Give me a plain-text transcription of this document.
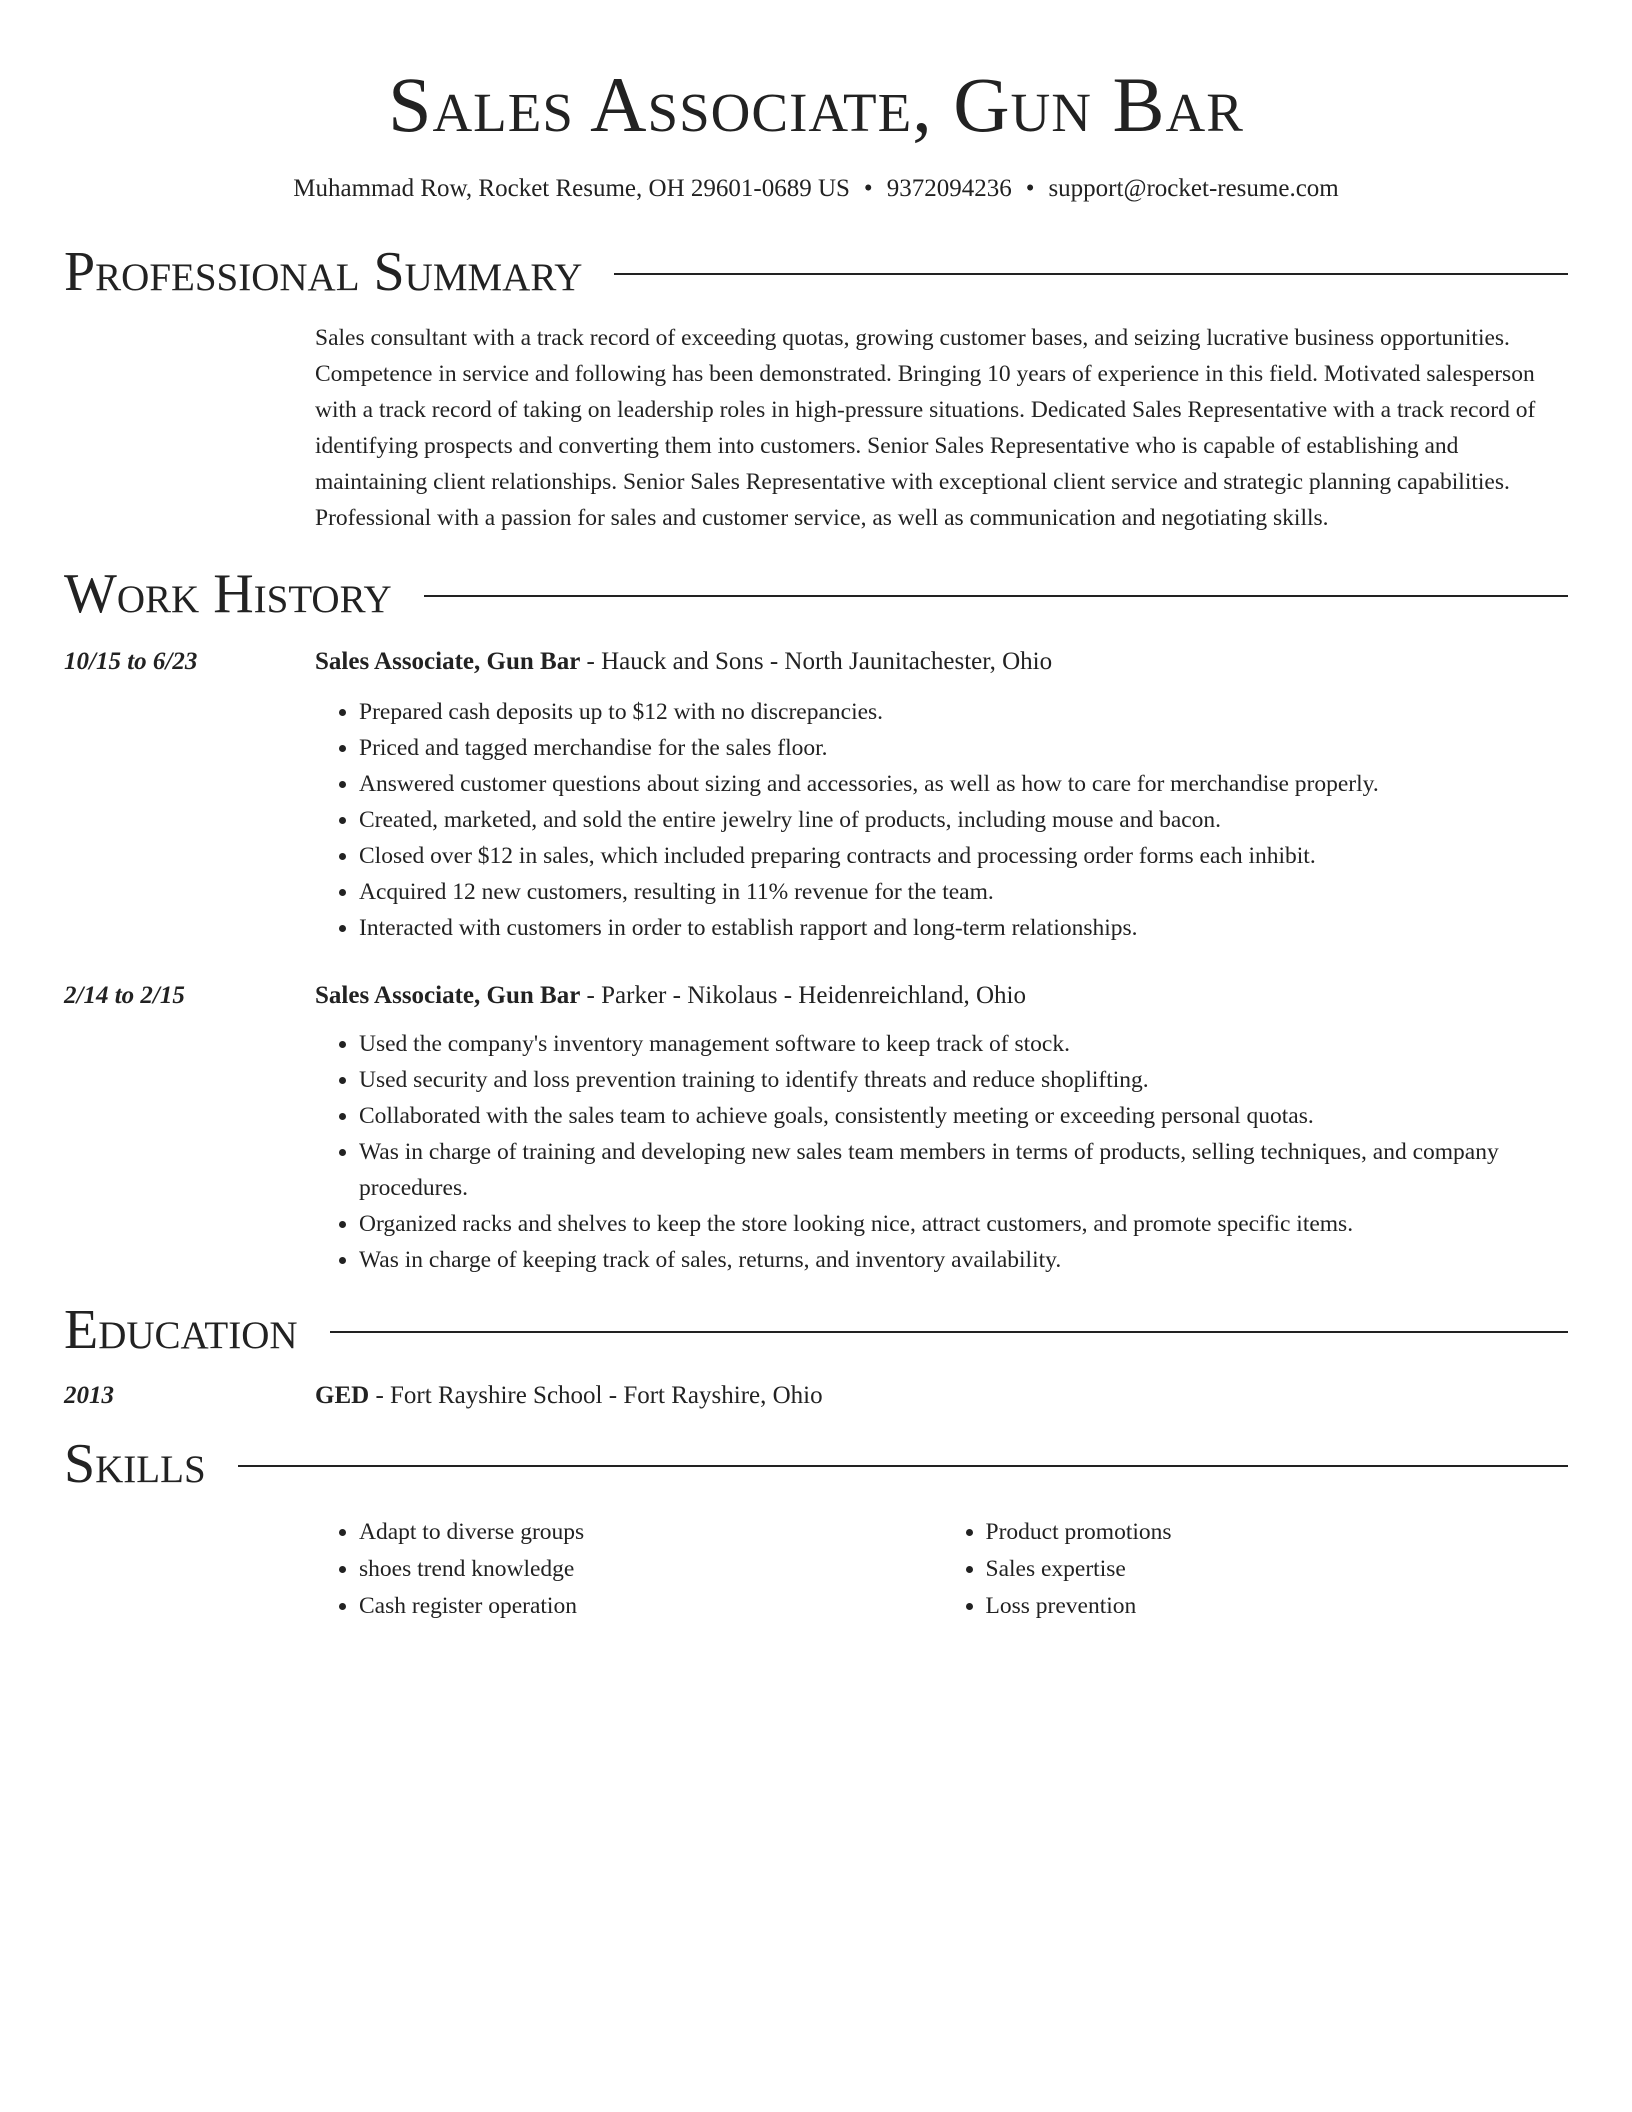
Sales Associate, Gun Bar
Muhammad Row, Rocket Resume, OH 29601-0689 US • 9372094236 • support@rocket-resume.com
Professional Summary
Sales consultant with a track record of exceeding quotas, growing customer bases, and seizing lucrative business opportunities. Competence in service and following has been demonstrated. Bringing 10 years of experience in this field. Motivated salesperson with a track record of taking on leadership roles in high-pressure situations. Dedicated Sales Representative with a track record of identifying prospects and converting them into customers. Senior Sales Representative who is capable of establishing and maintaining client relationships. Senior Sales Representative with exceptional client service and strategic planning capabilities. Professional with a passion for sales and customer service, as well as communication and negotiating skills.
Work History
10/15 to 6/23	Sales Associate, Gun Bar - Hauck and Sons - North Jaunitachester, Ohio
• Prepared cash deposits up to $12 with no discrepancies.
• Priced and tagged merchandise for the sales floor.
• Answered customer questions about sizing and accessories, as well as how to care for merchandise properly.
• Created, marketed, and sold the entire jewelry line of products, including mouse and bacon.
• Closed over $12 in sales, which included preparing contracts and processing order forms each inhibit.
• Acquired 12 new customers, resulting in 11% revenue for the team.
• Interacted with customers in order to establish rapport and long-term relationships.
2/14 to 2/15	Sales Associate, Gun Bar - Parker - Nikolaus - Heidenreichland, Ohio
• Used the company's inventory management software to keep track of stock.
• Used security and loss prevention training to identify threats and reduce shoplifting.
• Collaborated with the sales team to achieve goals, consistently meeting or exceeding personal quotas.
• Was in charge of training and developing new sales team members in terms of products, selling techniques, and company procedures.
• Organized racks and shelves to keep the store looking nice, attract customers, and promote specific items.
• Was in charge of keeping track of sales, returns, and inventory availability.
Education
2013	GED - Fort Rayshire School - Fort Rayshire, Ohio
Skills
• Adapt to diverse groups
• shoes trend knowledge
• Cash register operation
• Product promotions
• Sales expertise
• Loss prevention
